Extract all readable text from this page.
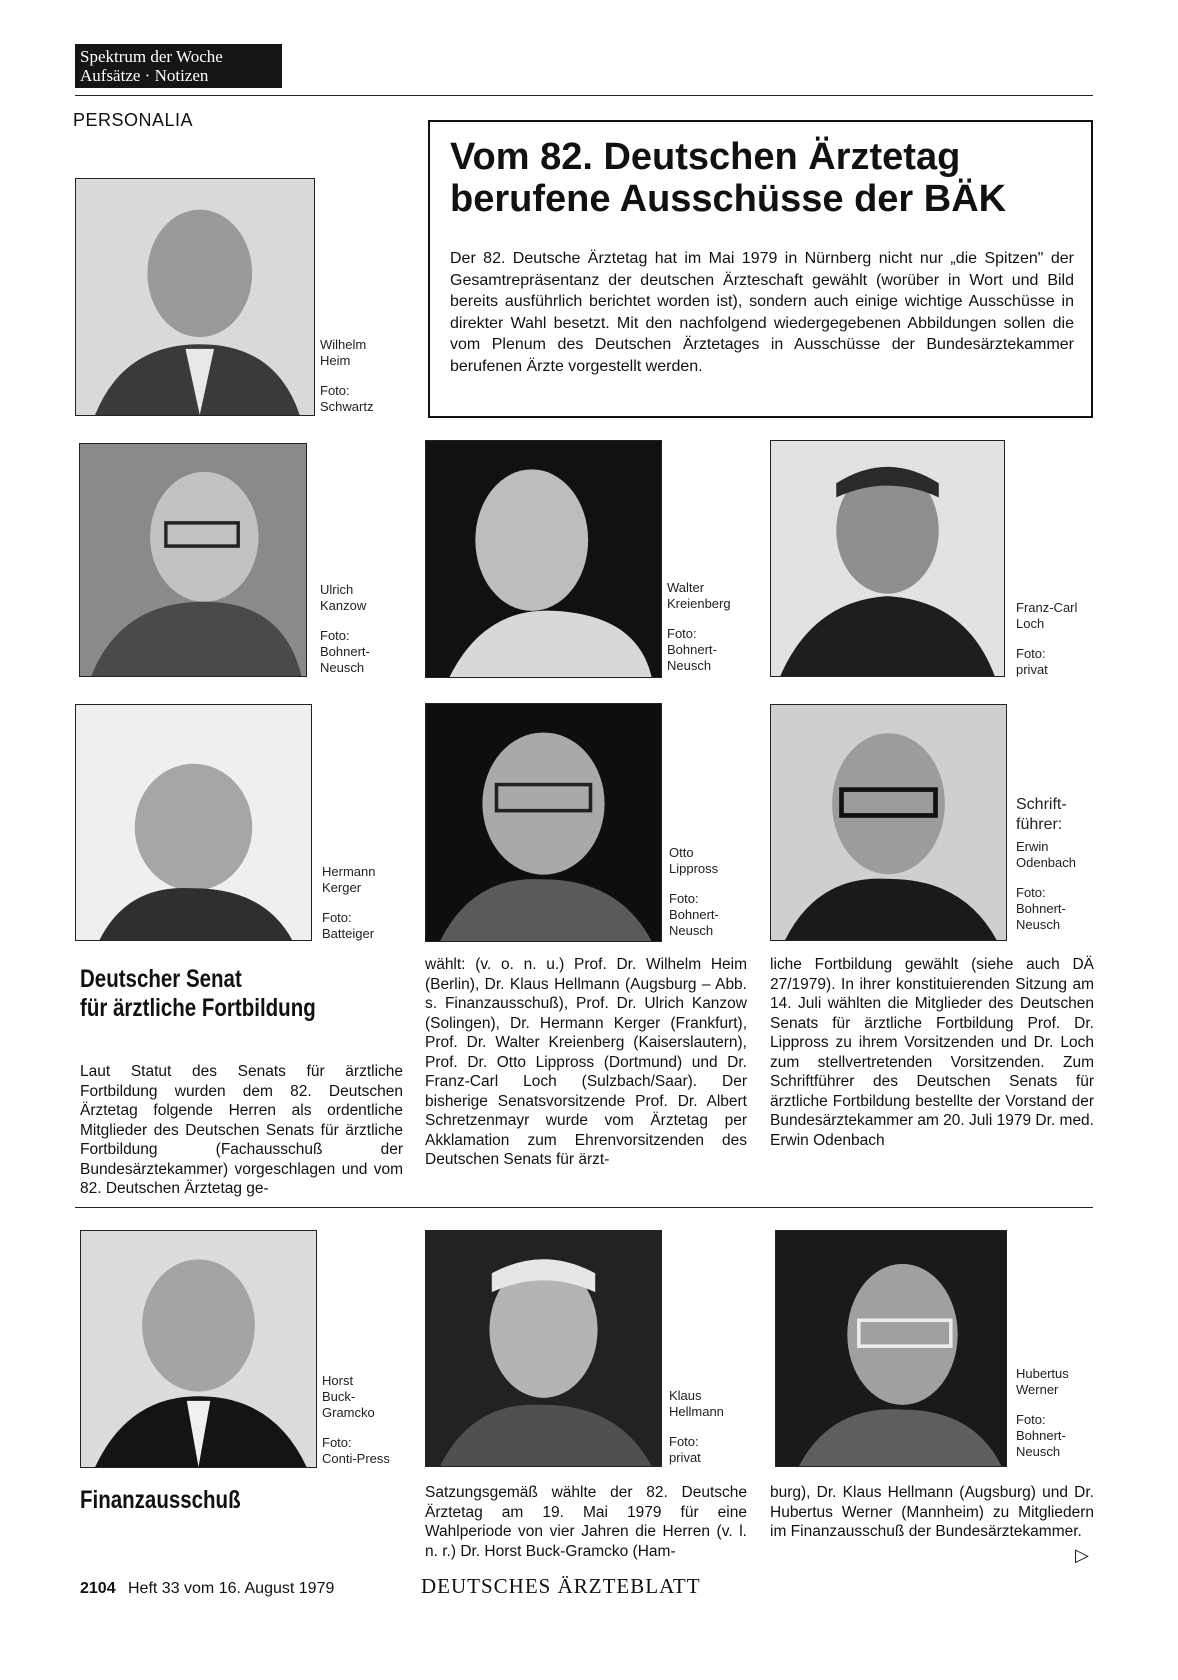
Spektrum der Woche
Aufsätze · Notizen
PERSONALIA
Vom 82. Deutschen Ärztetag
berufene Ausschüsse der BÄK
Der 82. Deutsche Ärztetag hat im Mai 1979 in Nürnberg nicht nur „die Spitzen" der Gesamtrepräsentanz der deutschen Ärzteschaft gewählt (worüber in Wort und Bild bereits ausführlich berichtet worden ist), sondern auch einige wichtige Ausschüsse in direkter Wahl besetzt. Mit den nachfolgend wiedergegebenen Abbildungen sollen die vom Plenum des Deutschen Ärztetages in Ausschüsse der Bundesärztekammer berufenen Ärzte vorgestellt werden.
Wilhelm
Heim
Foto:
Schwartz
Ulrich
Kanzow
Foto:
Bohnert-
Neusch
Walter
Kreienberg
Foto:
Bohnert-
Neusch
Franz-Carl
Loch
Foto:
privat
Hermann
Kerger
Foto:
Batteiger
Otto
Lippross
Foto:
Bohnert-
Neusch
Schrift-
führer:
Erwin
Odenbach
Foto:
Bohnert-
Neusch
Horst
Buck-
Gramcko
Foto:
Conti-Press
Klaus
Hellmann
Foto:
privat
Hubertus
Werner
Foto:
Bohnert-
Neusch
Deutscher Senat
für ärztliche Fortbildung
Laut Statut des Senats für ärztliche Fortbildung wurden dem 82. Deutschen Ärztetag folgende Herren als ordentliche Mitglieder des Deutschen Senats für ärztliche Fortbildung (Fachausschuß der Bundesärztekammer) vorgeschlagen und vom 82. Deutschen Ärztetag ge-
wählt: (v. o. n. u.) Prof. Dr. Wilhelm Heim (Berlin), Dr. Klaus Hellmann (Augsburg – Abb. s. Finanzausschuß), Prof. Dr. Ulrich Kanzow (Solingen), Dr. Hermann Kerger (Frankfurt), Prof. Dr. Walter Kreienberg (Kaiserslautern), Prof. Dr. Otto Lippross (Dortmund) und Dr. Franz-Carl Loch (Sulzbach/Saar). Der bisherige Senatsvorsitzende Prof. Dr. Albert Schretzenmayr wurde vom Ärztetag per Akklamation zum Ehrenvorsitzenden des Deutschen Senats für ärzt-
liche Fortbildung gewählt (siehe auch DÄ 27/1979). In ihrer konstituierenden Sitzung am 14. Juli wählten die Mitglieder des Deutschen Senats für ärztliche Fortbildung Prof. Dr. Lippross zu ihrem Vorsitzenden und Dr. Loch zum stellvertretenden Vorsitzenden. Zum Schriftführer des Deutschen Senats für ärztliche Fortbildung bestellte der Vorstand der Bundesärztekammer am 20. Juli 1979 Dr. med. Erwin Odenbach
Finanzausschuß	Satzungsgemäß wählte der 82. Deutsche Ärztetag am 19. Mai 1979 für eine Wahlperiode von vier Jahren die Herren (v. l. n. r.) Dr. Horst Buck-Gramcko (Ham-
burg), Dr. Klaus Hellmann (Augsburg) und Dr. Hubertus Werner (Mannheim) zu Mitgliedern im Finanzausschuß der Bundesärztekammer.
▷
2104 Heft 33 vom 16. August 1979	DEUTSCHES ÄRZTEBLATT
